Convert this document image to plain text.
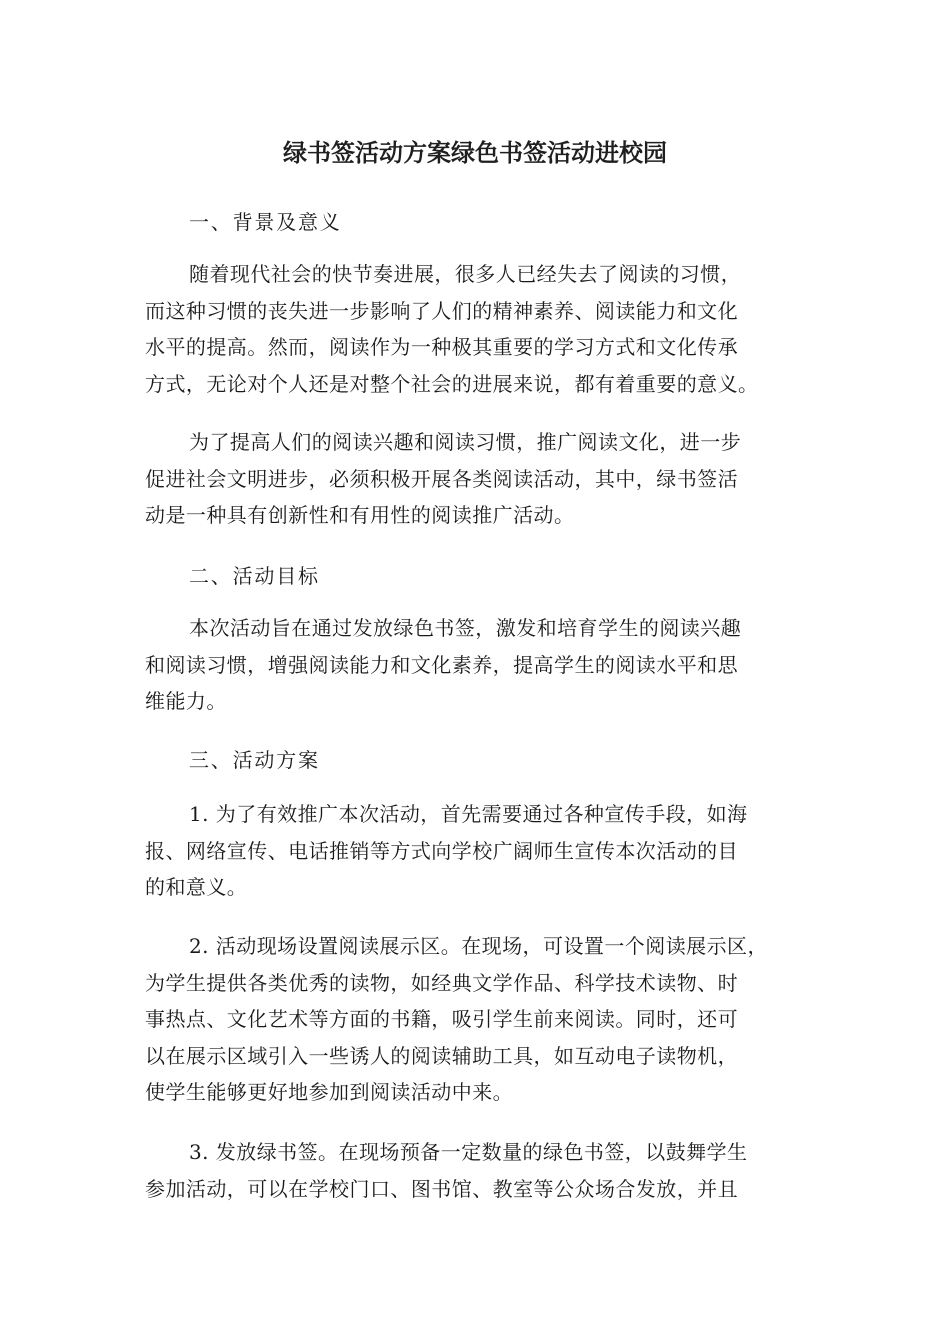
绿书签活动方案绿色书签活动进校园
一、背景及意义
随着现代社会的快节奏进展，很多人已经失去了阅读的习惯，
而这种习惯的丧失进一步影响了人们的精神素养、阅读能力和文化
水平的提高。然而，阅读作为一种极其重要的学习方式和文化传承
方式，无论对个人还是对整个社会的进展来说，都有着重要的意义。
为了提高人们的阅读兴趣和阅读习惯，推广阅读文化，进一步
促进社会文明进步，必须积极开展各类阅读活动，其中，绿书签活
动是一种具有创新性和有用性的阅读推广活动。
二、活动目标
本次活动旨在通过发放绿色书签，激发和培育学生的阅读兴趣
和阅读习惯，增强阅读能力和文化素养，提高学生的阅读水平和思
维能力。
三、活动方案
1. 为了有效推广本次活动，首先需要通过各种宣传手段，如海
报、网络宣传、电话推销等方式向学校广阔师生宣传本次活动的目
的和意义。
2. 活动现场设置阅读展示区。在现场，可设置一个阅读展示区，
为学生提供各类优秀的读物，如经典文学作品、科学技术读物、时
事热点、文化艺术等方面的书籍，吸引学生前来阅读。同时，还可
以在展示区域引入一些诱人的阅读辅助工具，如互动电子读物机，
使学生能够更好地参加到阅读活动中来。
3. 发放绿书签。在现场预备一定数量的绿色书签，以鼓舞学生
参加活动，可以在学校门口、图书馆、教室等公众场合发放，并且
